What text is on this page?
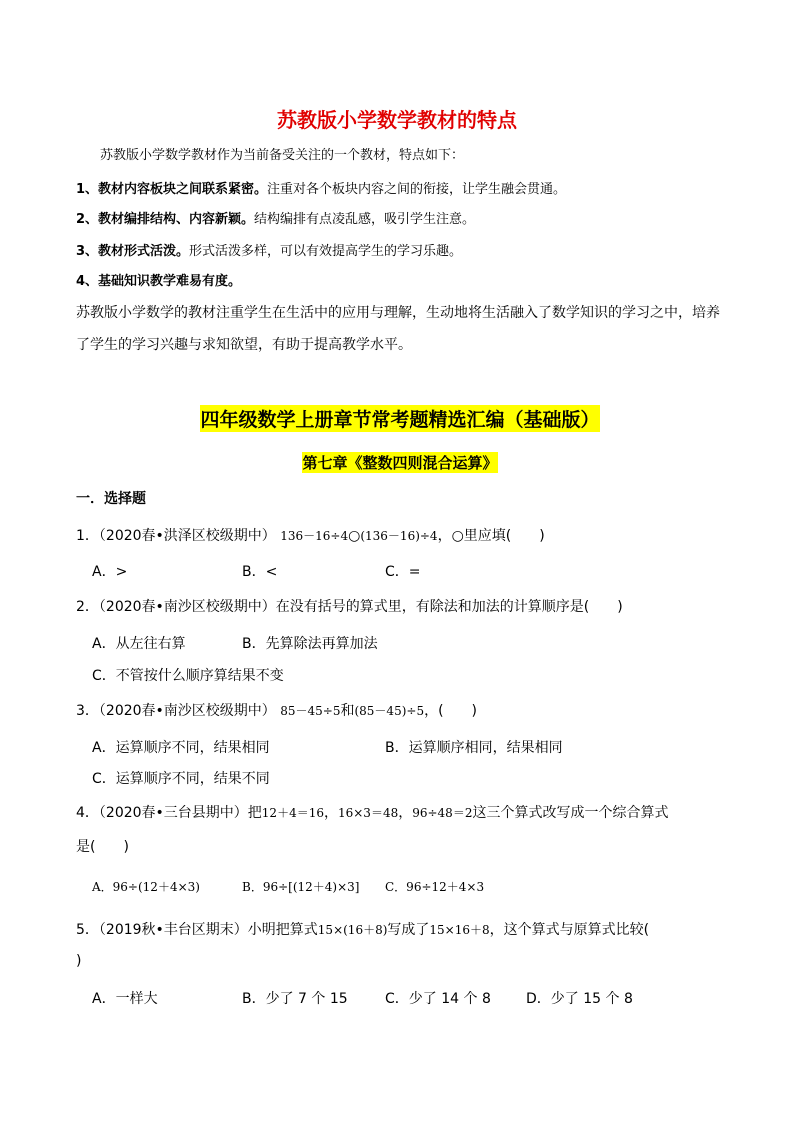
苏教版小学数学教材的特点
苏教版小学数学教材作为当前备受关注的一个教材，特点如下：
1、教材内容板块之间联系紧密。注重对各个板块内容之间的衔接，让学生融会贯通。
2、教材编排结构、内容新颖。结构编排有点凌乱感，吸引学生注意。
3、教材形式活泼。形式活泼多样，可以有效提高学生的学习乐趣。
4、基础知识教学难易有度。
苏教版小学数学的教材注重学生在生活中的应用与理解，生动地将生活融入了数学知识的学习之中，培养
了学生的学习兴趣与求知欲望，有助于提高教学水平。
四年级数学上册章节常考题精选汇编（基础版）
第七章《整数四则混合运算》
一．选择题
1．（2020春•洪泽区校级期中） 136－16÷4○(136－16)÷4，○里应填(　　)
A．>	B．<	C．=
2．（2020春•南沙区校级期中）在没有括号的算式里，有除法和加法的计算顺序是(　　)
A．从左往右算	B．先算除法再算加法
C．不管按什么顺序算结果不变
3．（2020春•南沙区校级期中） 85－45÷5和(85－45)÷5，(　　)
A．运算顺序不同，结果相同	B．运算顺序相同，结果相同
C．运算顺序不同，结果不同
4．（2020春•三台县期中）把12＋4＝16，16×3＝48，96÷48＝2这三个算式改写成一个综合算式
是(　　)
A．96÷(12＋4×3)	B．96÷[(12＋4)×3] C．96÷12＋4×3
5．（2019秋•丰台区期末）小明把算式15×(16＋8)写成了15×16＋8，这个算式与原算式比较(
)
A．一样大	B．少了 7 个 15	C．少了 14 个 8	D．少了 15 个 8
